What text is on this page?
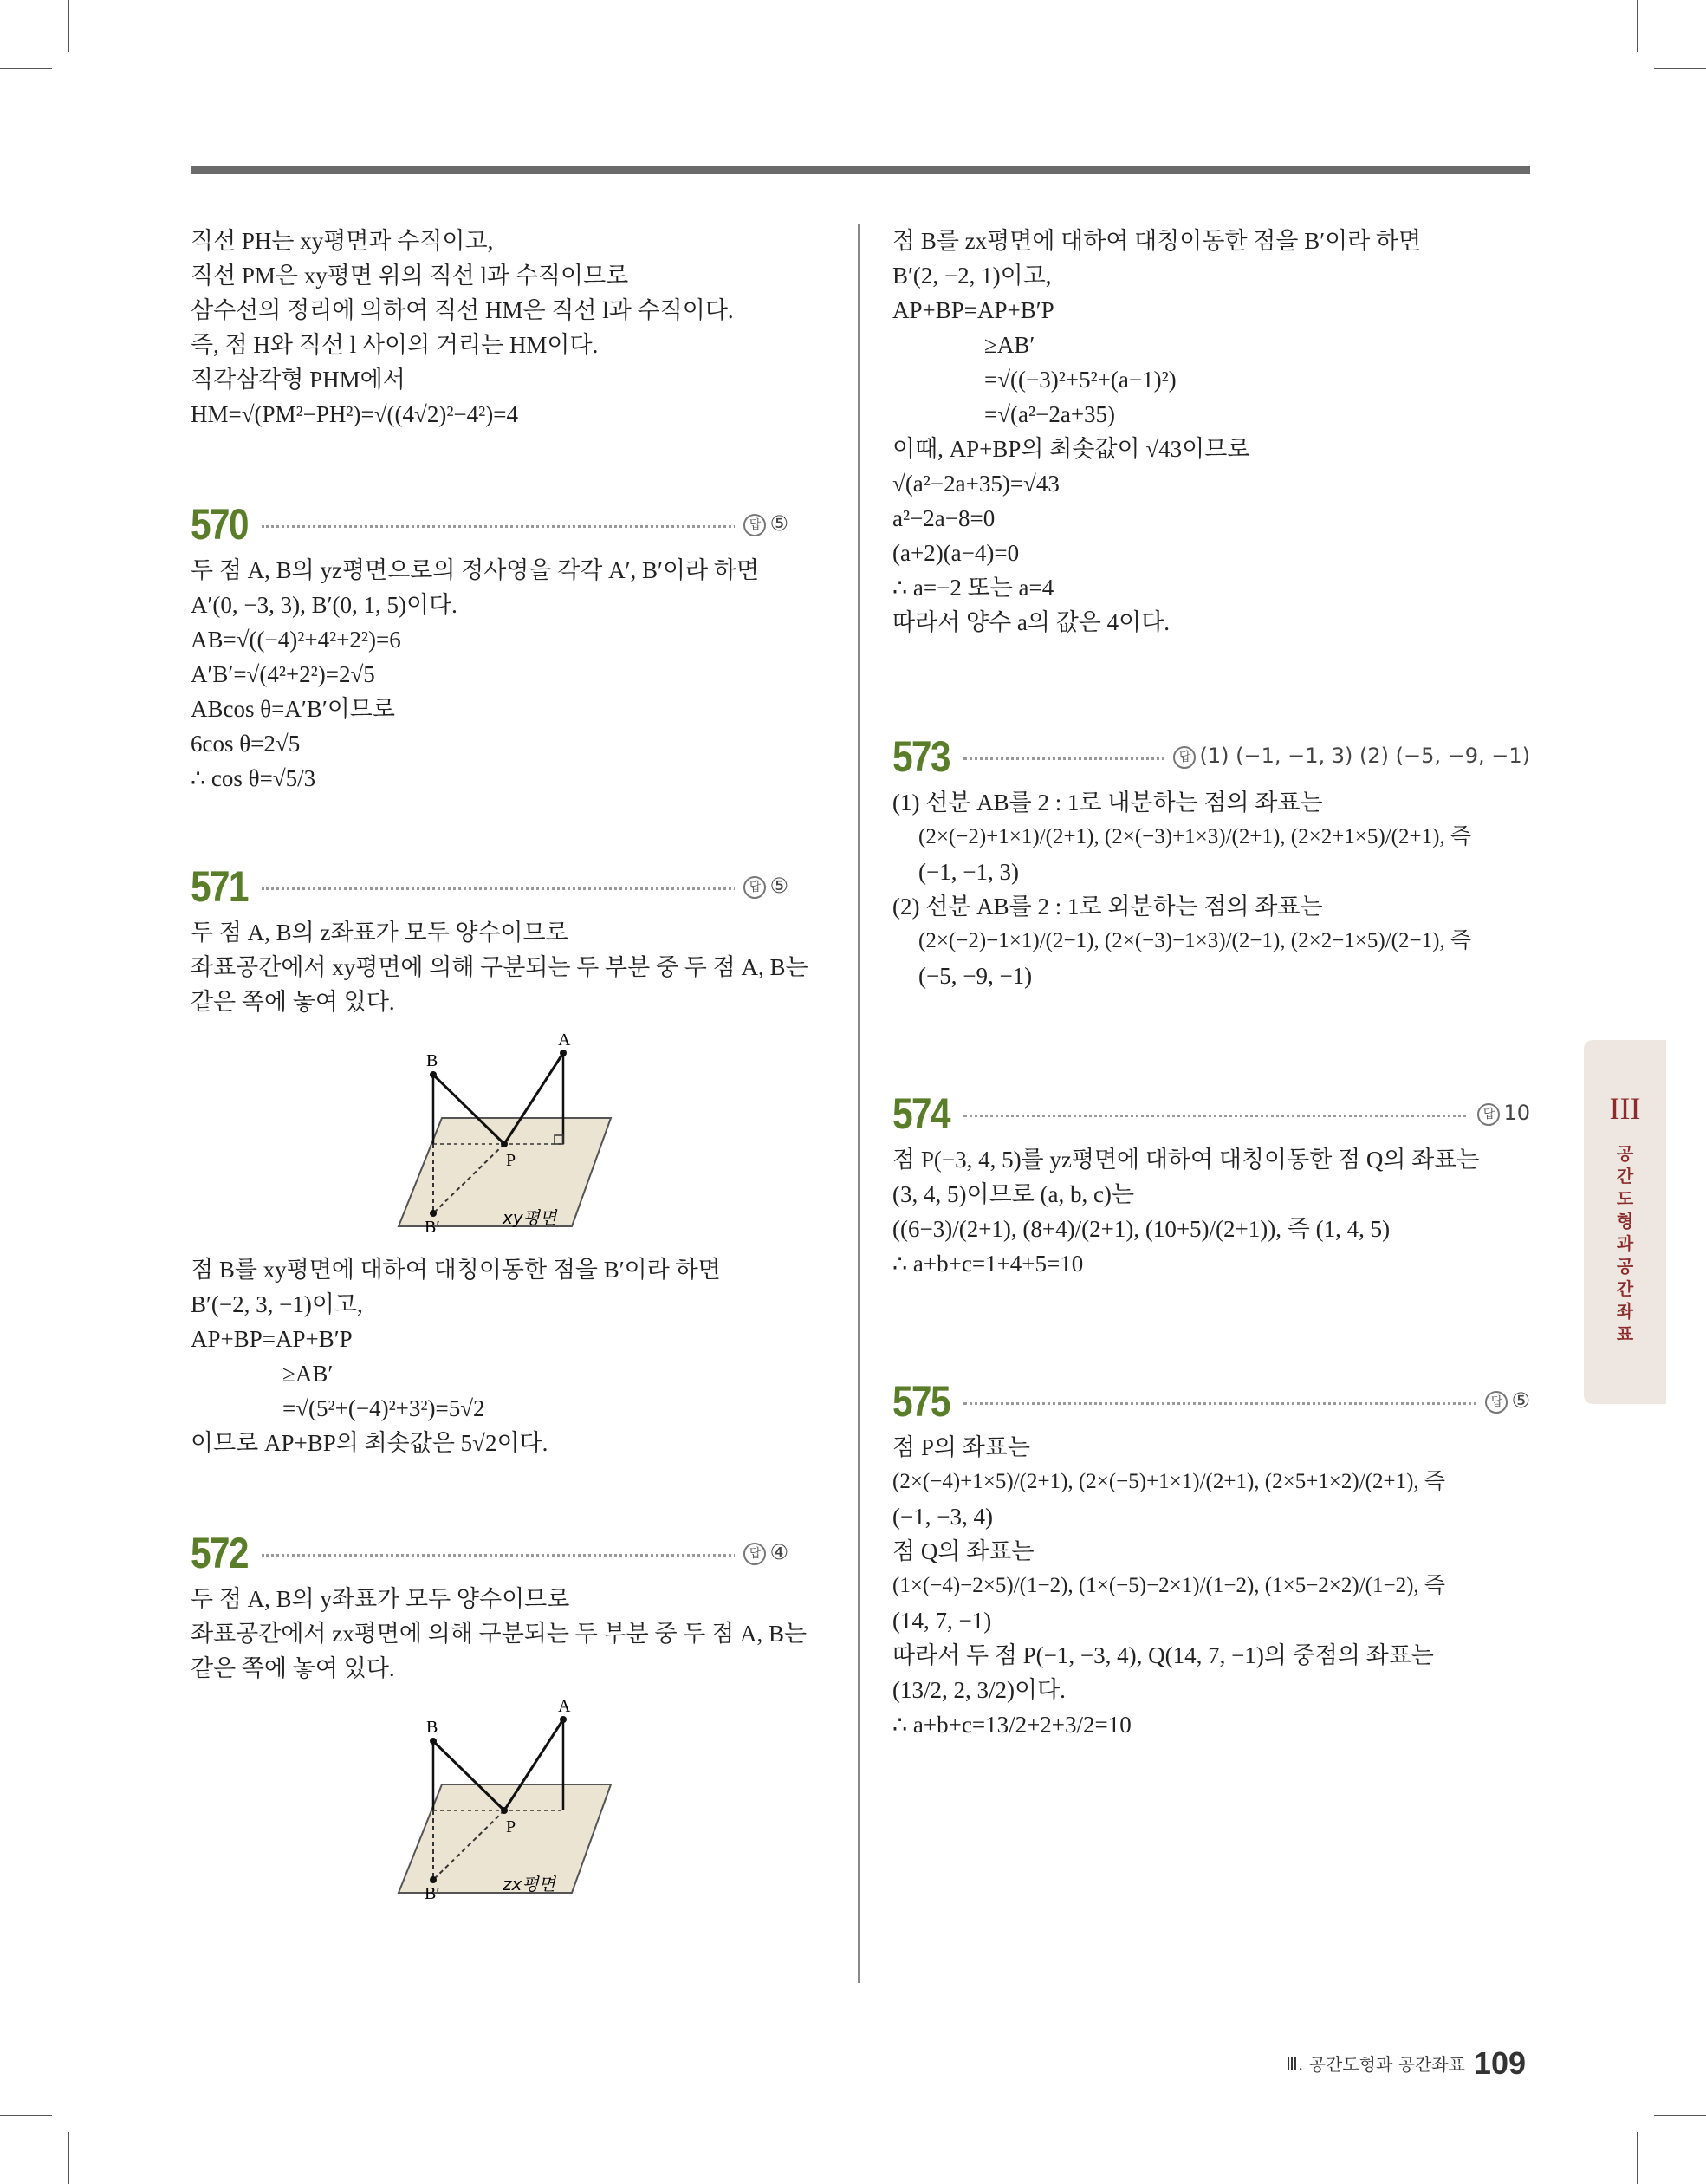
직선 PH는 xy평면과 수직이고,
직선 PM은 xy평면 위의 직선 l과 수직이므로
삼수선의 정리에 의하여 직선 HM은 직선 l과 수직이다.
즉, 점 H와 직선 l 사이의 거리는 HM이다.
직각삼각형 PHM에서
HM=√(PM²−PH²)=√((4√2)²−4²)=4
570	답 ⑤
두 점 A, B의 yz평면으로의 정사영을 각각 A′, B′이라 하면
A′(0, −3, 3), B′(0, 1, 5)이다.
AB=√((−4)²+4²+2²)=6
A′B′=√(4²+2²)=2√5
ABcos θ=A′B′이므로
6cos θ=2√5
∴ cos θ=√5/3
571	답 ⑤
두 점 A, B의 z좌표가 모두 양수이므로
좌표공간에서 xy평면에 의해 구분되는 두 부분 중 두 점 A, B는
같은 쪽에 놓여 있다.
A
B
P
B′	xy평면
점 B를 xy평면에 대하여 대칭이동한 점을 B′이라 하면
B′(−2, 3, −1)이고,
AP+BP=AP+B′P
≥AB′
=√(5²+(−4)²+3²)=5√2
이므로 AP+BP의 최솟값은 5√2이다.
572	답 ④
두 점 A, B의 y좌표가 모두 양수이므로
좌표공간에서 zx평면에 의해 구분되는 두 부분 중 두 점 A, B는
같은 쪽에 놓여 있다.
A
B
P
B′	zx평면
점 B를 zx평면에 대하여 대칭이동한 점을 B′이라 하면
B′(2, −2, 1)이고,
AP+BP=AP+B′P
≥AB′
=√((−3)²+5²+(a−1)²)
=√(a²−2a+35)
이때, AP+BP의 최솟값이 √43이므로
√(a²−2a+35)=√43
a²−2a−8=0
(a+2)(a−4)=0
∴ a=−2 또는 a=4
따라서 양수 a의 값은 4이다.
573	답 (1) (−1, −1, 3) (2) (−5, −9, −1)
(1) 선분 AB를 2 : 1로 내분하는 점의 좌표는
(2×(−2)+1×1)/(2+1), (2×(−3)+1×3)/(2+1), (2×2+1×5)/(2+1), 즉
(−1, −1, 3)
(2) 선분 AB를 2 : 1로 외분하는 점의 좌표는
(2×(−2)−1×1)/(2−1), (2×(−3)−1×3)/(2−1), (2×2−1×5)/(2−1), 즉
(−5, −9, −1)
574	답 10
점 P(−3, 4, 5)를 yz평면에 대하여 대칭이동한 점 Q의 좌표는
(3, 4, 5)이므로 (a, b, c)는
((6−3)/(2+1), (8+4)/(2+1), (10+5)/(2+1)), 즉 (1, 4, 5)
∴ a+b+c=1+4+5=10
575	답 ⑤
점 P의 좌표는
(2×(−4)+1×5)/(2+1), (2×(−5)+1×1)/(2+1), (2×5+1×2)/(2+1), 즉
(−1, −3, 4)
점 Q의 좌표는
(1×(−4)−2×5)/(1−2), (1×(−5)−2×1)/(1−2), (1×5−2×2)/(1−2), 즉
(14, 7, −1)
따라서 두 점 P(−1, −3, 4), Q(14, 7, −1)의 중점의 좌표는
(13/2, 2, 3/2)이다.
∴ a+b+c=13/2+2+3/2=10
III
공
간
도
형
과
공
간
좌
표
Ⅲ. 공간도형과 공간좌표 109
